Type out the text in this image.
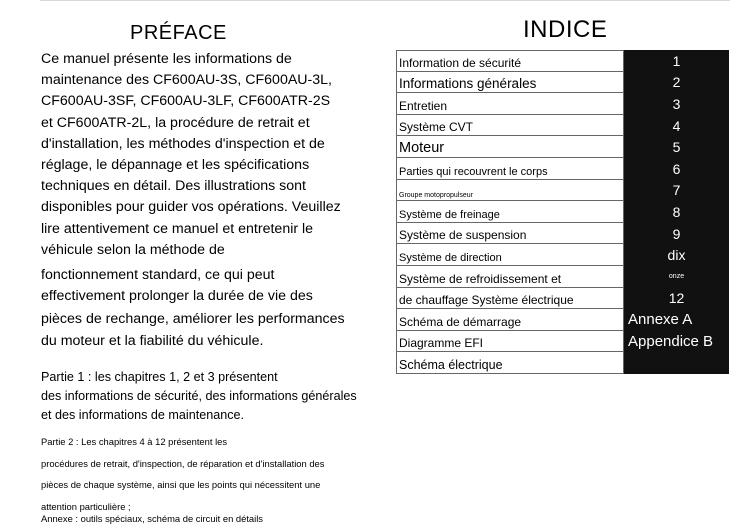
PRÉFACE
Ce manuel présente les informations de
maintenance des CF600AU-3S, CF600AU-3L,
CF600AU-3SF, CF600AU-3LF, CF600ATR-2S
et CF600ATR-2L, la procédure de retrait et
d'installation, les méthodes d'inspection et de
réglage, le dépannage et les spécifications
techniques en détail. Des illustrations sont
disponibles pour guider vos opérations. Veuillez
lire attentivement ce manuel et entretenir le
véhicule selon la méthode de
fonctionnement standard, ce qui peut
effectivement prolonger la durée de vie des
pièces de rechange, améliorer les performances
du moteur et la fiabilité du véhicule.
Partie 1 : les chapitres 1, 2 et 3 présentent
des informations de sécurité, des informations générales
et des informations de maintenance.
Partie 2 : Les chapitres 4 à 12 présentent les
procédures de retrait, d'inspection, de réparation et d'installation des
pièces de chaque système, ainsi que les points qui nécessitent une
attention particulière ;
Annexe : outils spéciaux, schéma de circuit en détails
INDICE
Information de sécurité	1
Informations générales	2
Entretien	3
Système CVT	4
Moteur	5
Parties qui recouvrent le corps	6
Groupe motopropulseur	7
Système de freinage	8
Système de suspension	9
Système de direction	dix
Système de refroidissement et	onze
de chauffage Système électrique	12
Schéma de démarrage	Annexe A
Diagramme EFI	Appendice B
Schéma électrique
